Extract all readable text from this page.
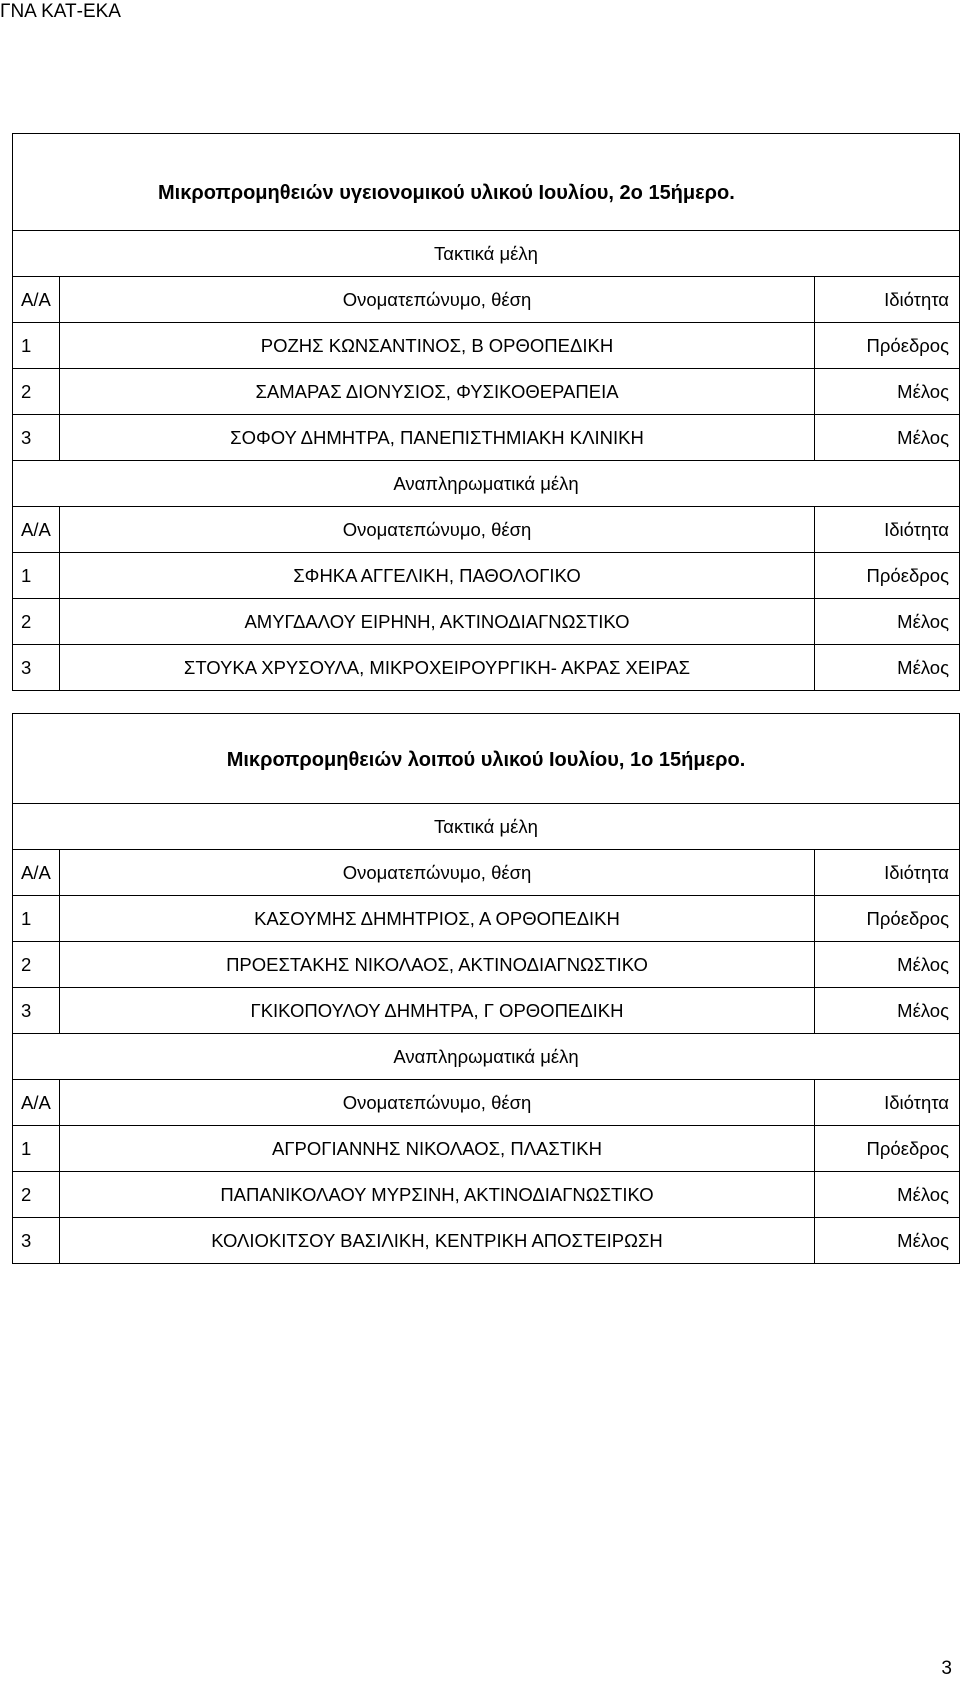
ΓΝΑ ΚΑΤ-ΕΚΑ
Μικροπρομηθειών υγειονομικού υλικού Ιουλίου, 2ο 15ήμερο.		
Τακτικά μέλη		
Α/Α	Ονοματεπώνυμο, θέση	Ιδιότητα
1	ΡΟΖΗΣ ΚΩΝΣΑΝΤΙΝΟΣ, Β ΟΡΘΟΠΕΔΙΚΗ	Πρόεδρος
2	ΣΑΜΑΡΑΣ ΔΙΟΝΥΣΙΟΣ, ΦΥΣΙΚΟΘΕΡΑΠΕΙΑ	Μέλος
3	ΣΟΦΟΥ ΔΗΜΗΤΡΑ, ΠΑΝΕΠΙΣΤΗΜΙΑΚΗ ΚΛΙΝΙΚΗ	Μέλος
Αναπληρωματικά μέλη		
Α/Α	Ονοματεπώνυμο, θέση	Ιδιότητα
1	ΣΦΗΚΑ ΑΓΓΕΛΙΚΗ, ΠΑΘΟΛΟΓΙΚΟ	Πρόεδρος
2	ΑΜΥΓΔΑΛΟΥ ΕΙΡΗΝΗ, ΑΚΤΙΝΟΔΙΑΓΝΩΣΤΙΚΟ	Μέλος
3	ΣΤΟΥΚΑ ΧΡΥΣΟΥΛΑ, ΜΙΚΡΟΧΕΙΡΟΥΡΓΙΚΗ- ΑΚΡΑΣ ΧΕΙΡΑΣ	Μέλος
Μικροπρομηθειών λοιπού υλικού Ιουλίου, 1ο 15ήμερο.		
Τακτικά μέλη		
Α/Α	Ονοματεπώνυμο, θέση	Ιδιότητα
1	ΚΑΣΟΥΜΗΣ ΔΗΜΗΤΡΙΟΣ, Α ΟΡΘΟΠΕΔΙΚΗ	Πρόεδρος
2	ΠΡΟΕΣΤΑΚΗΣ ΝΙΚΟΛΑΟΣ, ΑΚΤΙΝΟΔΙΑΓΝΩΣΤΙΚΟ	Μέλος
3	ΓΚΙΚΟΠΟΥΛΟΥ ΔΗΜΗΤΡΑ, Γ ΟΡΘΟΠΕΔΙΚΗ	Μέλος
Αναπληρωματικά μέλη		
Α/Α	Ονοματεπώνυμο, θέση	Ιδιότητα
1	ΑΓΡΟΓΙΑΝΝΗΣ ΝΙΚΟΛΑΟΣ, ΠΛΑΣΤΙΚΗ	Πρόεδρος
2	ΠΑΠΑΝΙΚΟΛΑΟΥ ΜΥΡΣΙΝΗ, ΑΚΤΙΝΟΔΙΑΓΝΩΣΤΙΚΟ	Μέλος
3	ΚΟΛΙΟΚΙΤΣΟΥ ΒΑΣΙΛΙΚΗ, ΚΕΝΤΡΙΚΗ ΑΠΟΣΤΕΙΡΩΣΗ	Μέλος
3
